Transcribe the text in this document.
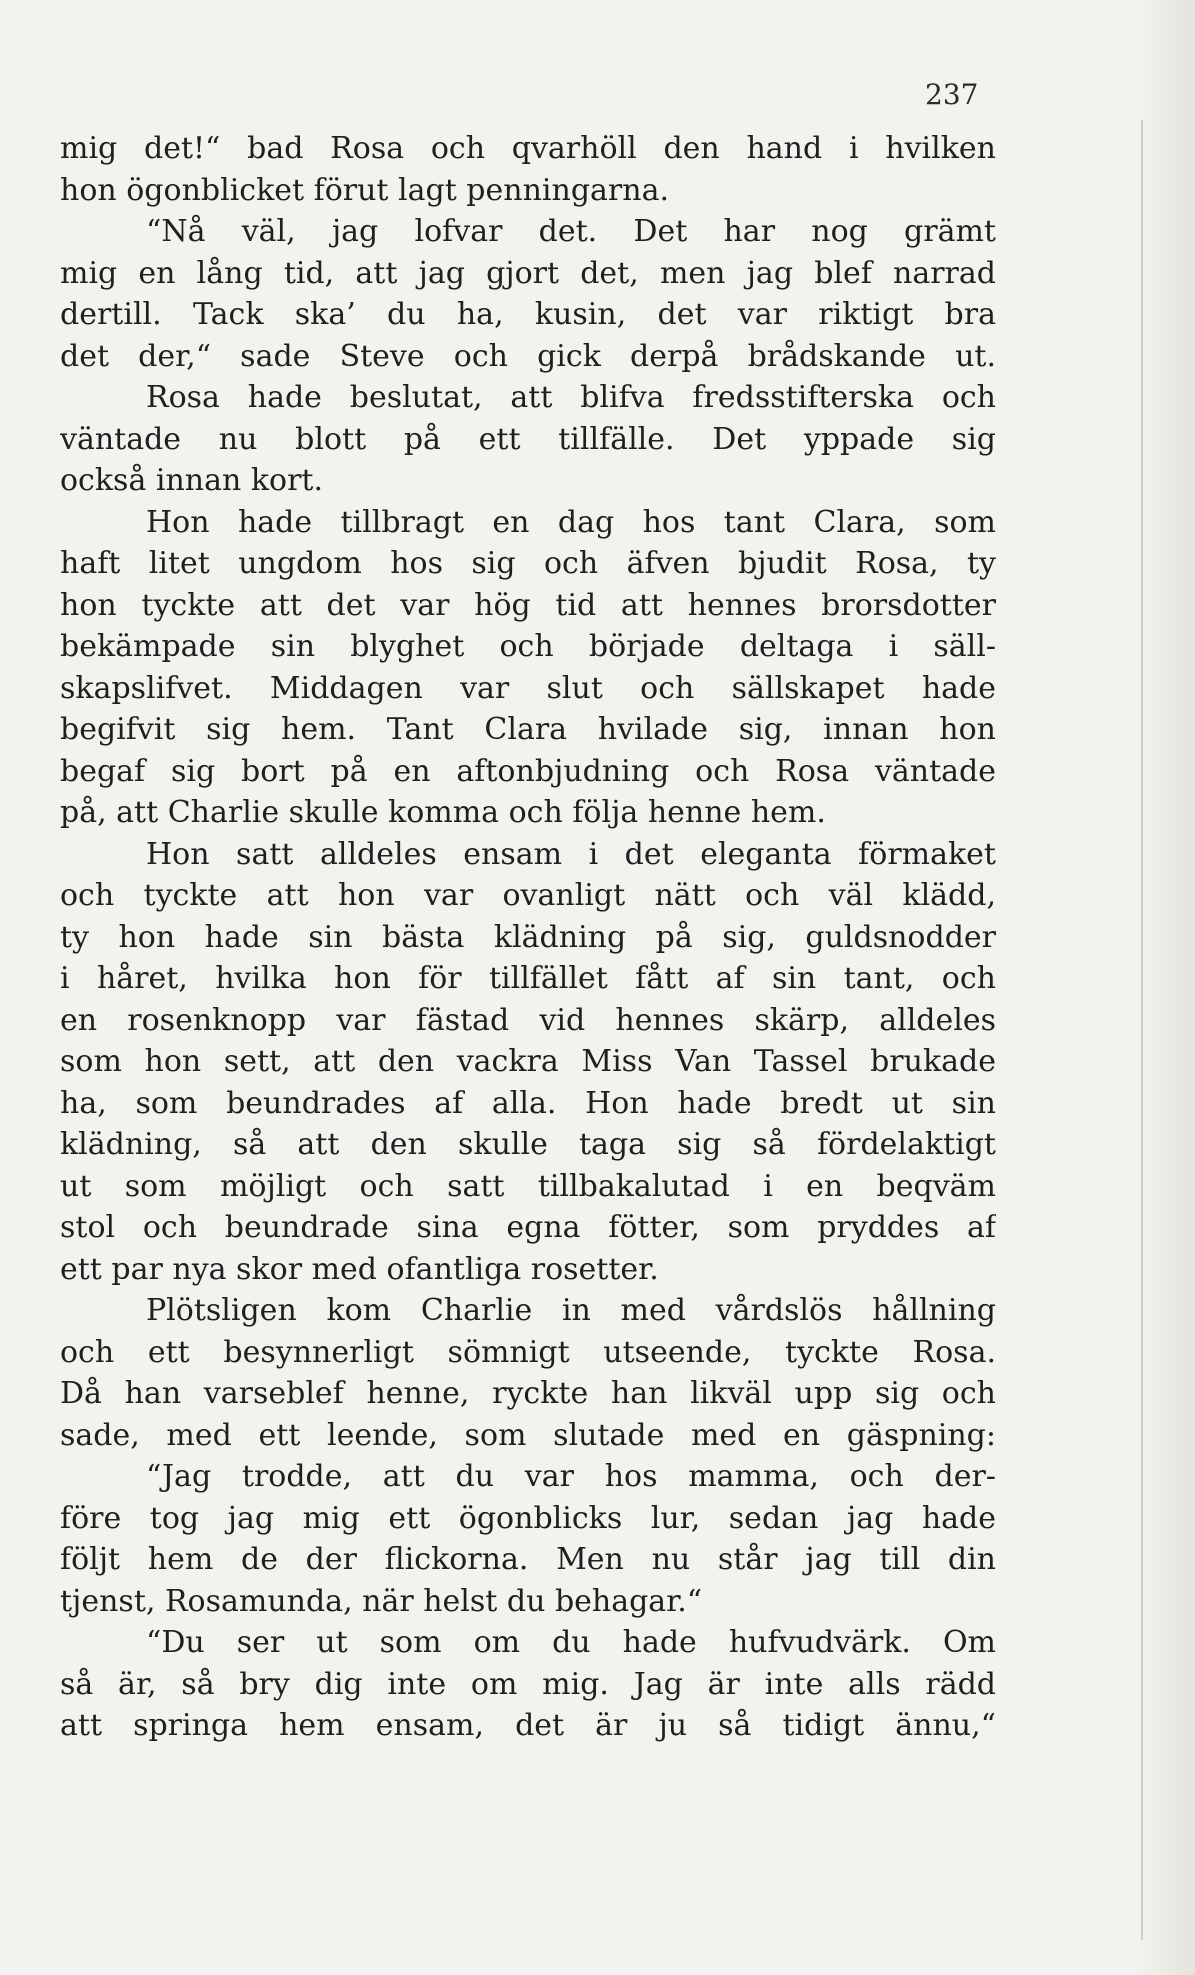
237
mig det!“ bad Rosa och qvarhöll den hand i hvilken
hon ögonblicket förut lagt penningarna.
“Nå väl, jag lofvar det. Det har nog grämt
mig en lång tid, att jag gjort det, men jag blef narrad
dertill. Tack ska’ du ha, kusin, det var riktigt bra
det der,“ sade Steve och gick derpå brådskande ut.
Rosa hade beslutat, att blifva fredsstifterska och
väntade nu blott på ett tillfälle. Det yppade sig
också innan kort.
Hon hade tillbragt en dag hos tant Clara, som
haft litet ungdom hos sig och äfven bjudit Rosa, ty
hon tyckte att det var hög tid att hennes brorsdotter
bekämpade sin blyghet och började deltaga i säll-
skapslifvet. Middagen var slut och sällskapet hade
begifvit sig hem. Tant Clara hvilade sig, innan hon
begaf sig bort på en aftonbjudning och Rosa väntade
på, att Charlie skulle komma och följa henne hem.
Hon satt alldeles ensam i det eleganta förmaket
och tyckte att hon var ovanligt nätt och väl klädd,
ty hon hade sin bästa klädning på sig, guldsnodder
i håret, hvilka hon för tillfället fått af sin tant, och
en rosenknopp var fästad vid hennes skärp, alldeles
som hon sett, att den vackra Miss Van Tassel brukade
ha, som beundrades af alla. Hon hade bredt ut sin
klädning, så att den skulle taga sig så fördelaktigt
ut som möjligt och satt tillbakalutad i en beqväm
stol och beundrade sina egna fötter, som pryddes af
ett par nya skor med ofantliga rosetter.
Plötsligen kom Charlie in med vårdslös hållning
och ett besynnerligt sömnigt utseende, tyckte Rosa.
Då han varseblef henne, ryckte han likväl upp sig och
sade, med ett leende, som slutade med en gäspning:
“Jag trodde, att du var hos mamma, och der-
före tog jag mig ett ögonblicks lur, sedan jag hade
följt hem de der flickorna. Men nu står jag till din
tjenst, Rosamunda, när helst du behagar.“
“Du ser ut som om du hade hufvudvärk. Om
så är, så bry dig inte om mig. Jag är inte alls rädd
att springa hem ensam, det är ju så tidigt ännu,“
